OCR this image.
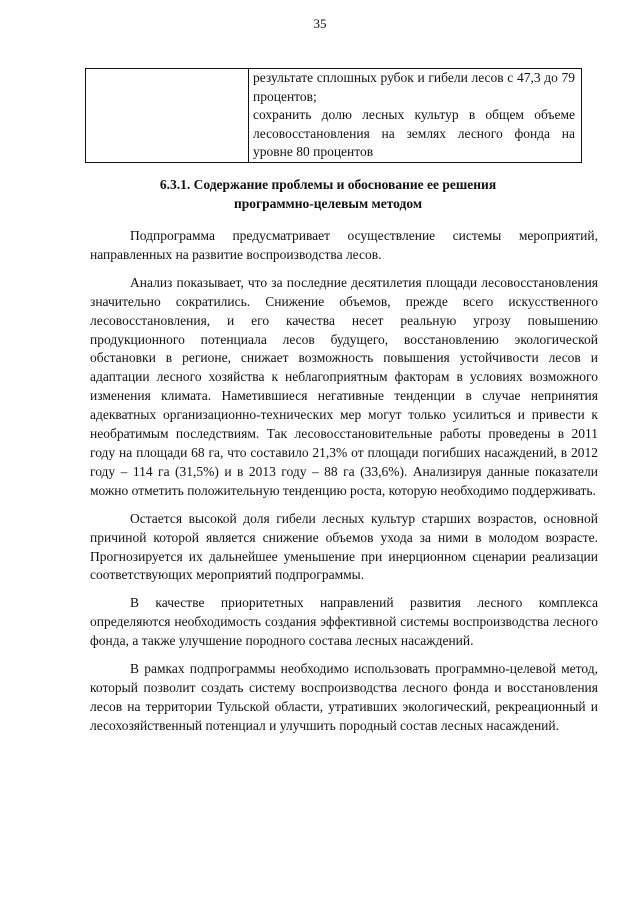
35

результате сплошных рубок и гибели лесов с 47,3 до 79 процентов;

сохранить долю лесных культур в общем объеме лесовосстановления на землях лесного фонда на уровне 80 процентов

6.3.1. Содержание проблемы и обоснование ее решения
программно-целевым методом

Подпрограмма предусматривает осуществление системы мероприятий, направленных на развитие воспроизводства лесов.

Анализ показывает, что за последние десятилетия площади лесовосстановления значительно сократились. Снижение объемов, прежде всего искусственного лесовосстановления, и его качества несет реальную угрозу повышению продукционного потенциала лесов будущего, восстановлению экологической обстановки в регионе, снижает возможность повышения устойчивости лесов и адаптации лесного хозяйства к неблагоприятным факторам в условиях возможного изменения климата. Наметившиеся негативные тенденции в случае непринятия адекватных организационно-технических мер могут только усилиться и привести к необратимым последствиям. Так лесовосстановительные работы проведены в 2011 году на площади 68 га, что составило 21,3% от площади погибших насаждений, в 2012 году – 114 га (31,5%) и в 2013 году – 88 га (33,6%). Анализируя данные показатели можно отметить положительную тенденцию роста, которую необходимо поддерживать.

Остается высокой доля гибели лесных культур старших возрастов, основной причиной которой является снижение объемов ухода за ними в молодом возрасте. Прогнозируется их дальнейшее уменьшение при инерционном сценарии реализации соответствующих мероприятий подпрограммы.

В качестве приоритетных направлений развития лесного комплекса определяются необходимость создания эффективной системы воспроизводства лесного фонда, а также улучшение породного состава лесных насаждений.

В рамках подпрограммы необходимо использовать программно-целевой метод, который позволит создать систему воспроизводства лесного фонда и восстановления лесов на территории Тульской области, утративших экологический, рекреационный и лесохозяйственный потенциал и улучшить породный состав лесных насаждений.
